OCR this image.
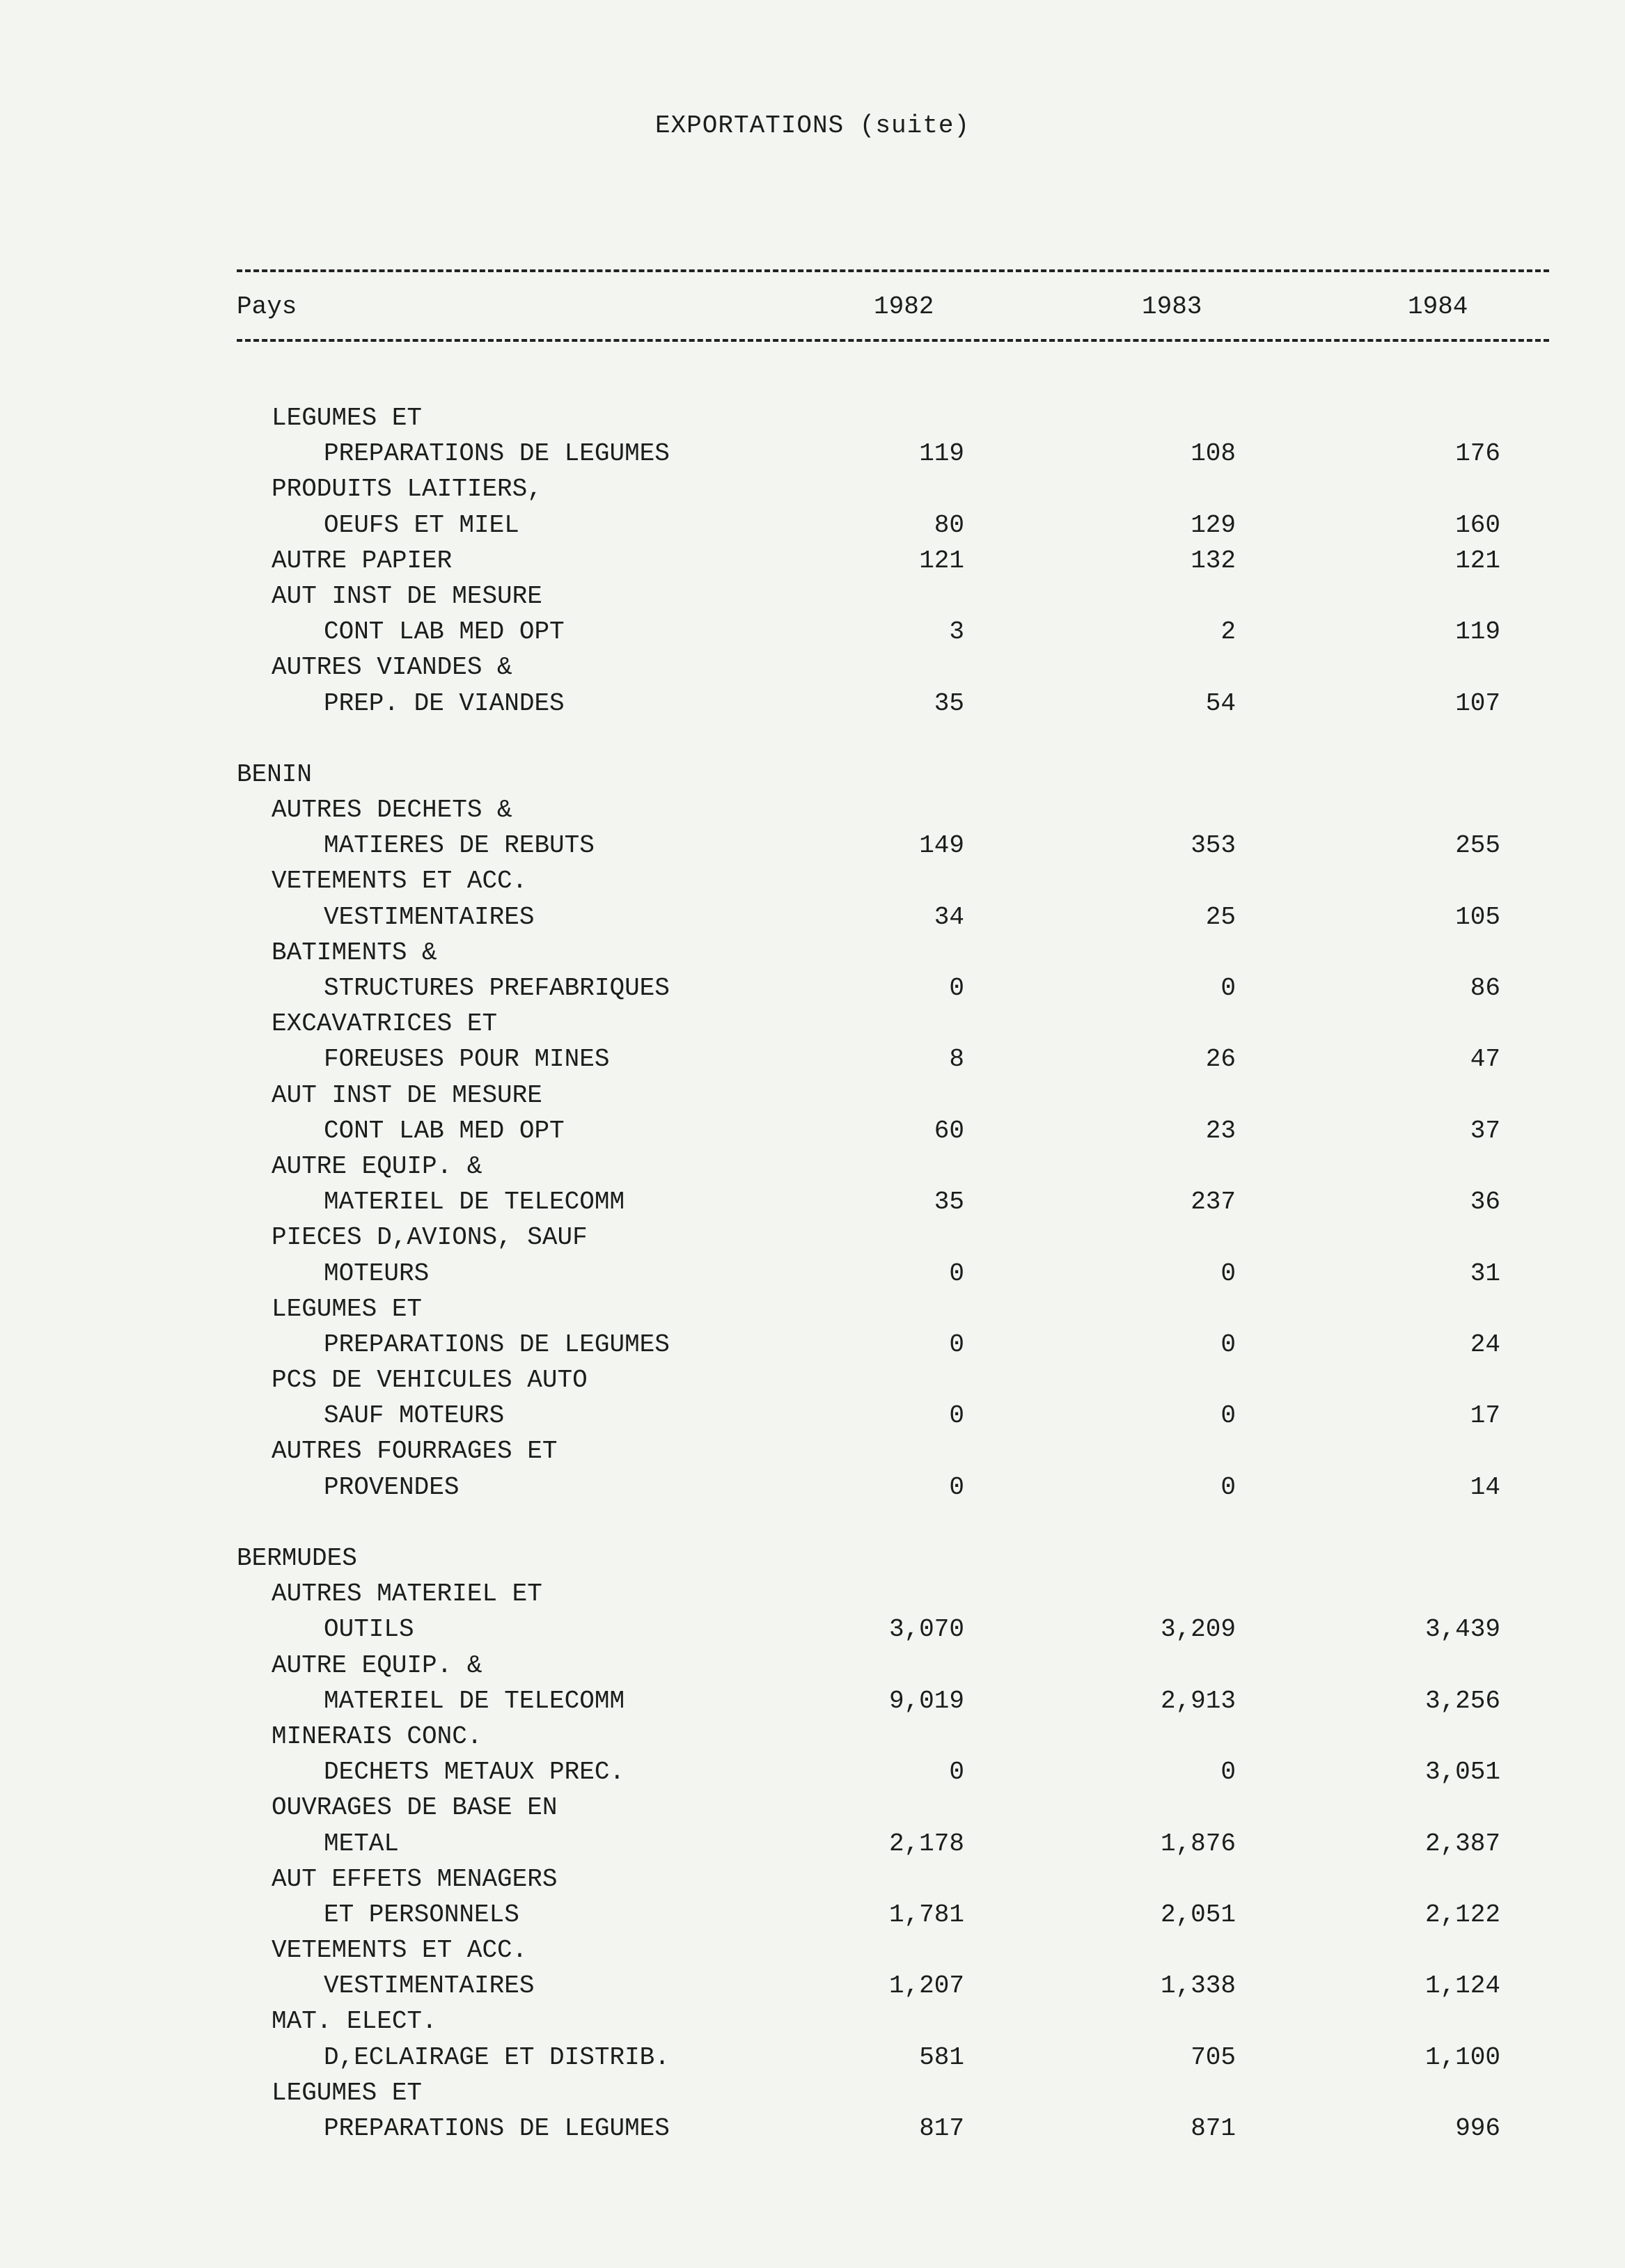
EXPORTATIONS (suite)
Pays	1982	1983	1984
LEGUMES ET
PREPARATIONS DE LEGUMES	119	108	176
PRODUITS LAITIERS,
OEUFS ET MIEL	80	129	160
AUTRE PAPIER	121	132	121
AUT INST DE MESURE
CONT LAB MED OPT	3	2	119
AUTRES VIANDES &
PREP. DE VIANDES	35	54	107
BENIN
AUTRES DECHETS &
MATIERES DE REBUTS	149	353	255
VETEMENTS ET ACC.
VESTIMENTAIRES	34	25	105
BATIMENTS &
STRUCTURES PREFABRIQUES	0	0	86
EXCAVATRICES ET
FOREUSES POUR MINES	8	26	47
AUT INST DE MESURE
CONT LAB MED OPT	60	23	37
AUTRE EQUIP. &
MATERIEL DE TELECOMM	35	237	36
PIECES D,AVIONS, SAUF
MOTEURS	0	0	31
LEGUMES ET
PREPARATIONS DE LEGUMES	0	0	24
PCS DE VEHICULES AUTO
SAUF MOTEURS	0	0	17
AUTRES FOURRAGES ET
PROVENDES	0	0	14
BERMUDES
AUTRES MATERIEL ET
OUTILS	3,070	3,209	3,439
AUTRE EQUIP. &
MATERIEL DE TELECOMM	9,019	2,913	3,256
MINERAIS CONC.
DECHETS METAUX PREC.	0	0	3,051
OUVRAGES DE BASE EN
METAL	2,178	1,876	2,387
AUT EFFETS MENAGERS
ET PERSONNELS	1,781	2,051	2,122
VETEMENTS ET ACC.
VESTIMENTAIRES	1,207	1,338	1,124
MAT. ELECT.
D,ECLAIRAGE ET DISTRIB.	581	705	1,100
LEGUMES ET
PREPARATIONS DE LEGUMES	817	871	996
